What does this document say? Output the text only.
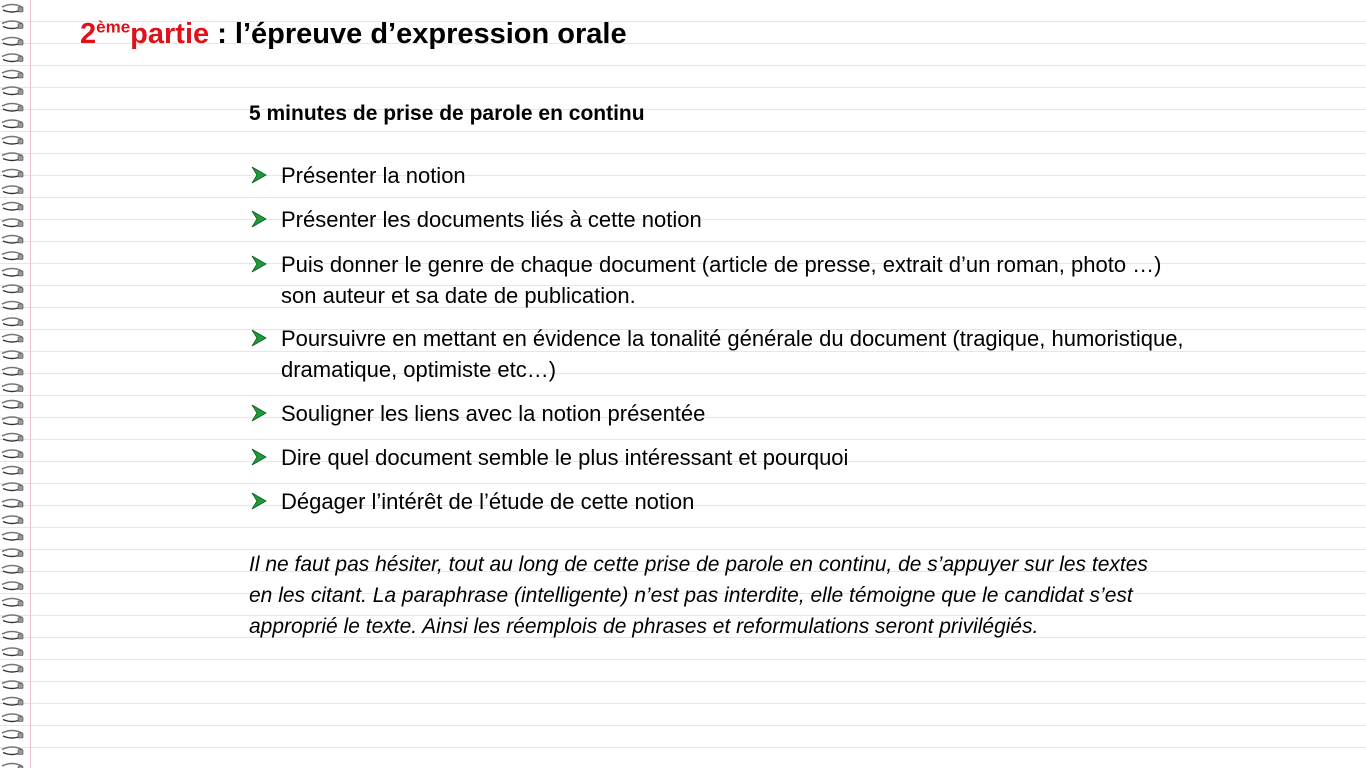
2èmepartie : l’épreuve d’expression orale

5 minutes de prise de parole en continu

Présenter la notion
Présenter les documents liés à cette notion
Puis donner le genre de chaque document (article de presse, extrait d’un roman, photo …)
son auteur et sa date de publication.
Poursuivre en mettant en évidence la tonalité générale du document (tragique, humoristique,
dramatique, optimiste etc…)
Souligner les liens avec la notion présentée
Dire quel document semble le plus intéressant et pourquoi
Dégager l’intérêt de l’étude de cette notion

Il ne faut pas hésiter, tout au long de cette prise de parole en continu, de s’appuyer sur les textes
en les citant. La paraphrase (intelligente) n’est pas interdite, elle témoigne que le candidat s’est
approprié le texte. Ainsi les réemplois de phrases et reformulations seront privilégiés.
